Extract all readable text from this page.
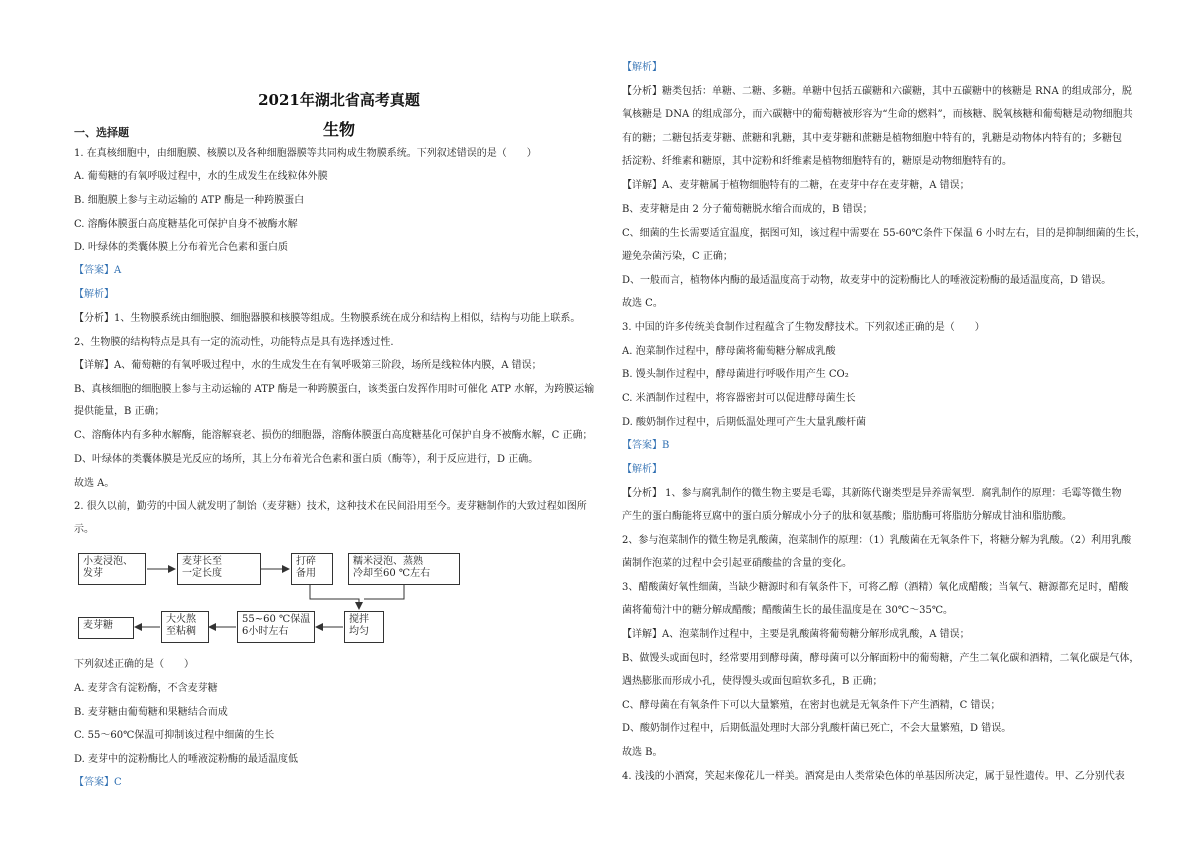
2021年湖北省高考真题
生物
一、选择题
1. 在真核细胞中，由细胞膜、核膜以及各种细胞器膜等共同构成生物膜系统。下列叙述错误的是（　　）
A. 葡萄糖的有氧呼吸过程中，水的生成发生在线粒体外膜
B. 细胞膜上参与主动运输的 ATP 酶是一种跨膜蛋白
C. 溶酶体膜蛋白高度糖基化可保护自身不被酶水解
D. 叶绿体的类囊体膜上分布着光合色素和蛋白质
【答案】A
【解析】
【分析】1、生物膜系统由细胞膜、细胞器膜和核膜等组成。生物膜系统在成分和结构上相似，结构与功能上联系。
2、生物膜的结构特点是具有一定的流动性，功能特点是具有选择透过性.
【详解】A、葡萄糖的有氧呼吸过程中，水的生成发生在有氧呼吸第三阶段，场所是线粒体内膜，A 错误；
B、真核细胞的细胞膜上参与主动运输的 ATP 酶是一种跨膜蛋白，该类蛋白发挥作用时可催化 ATP 水解，为跨膜运输
提供能量，B 正确；
C、溶酶体内有多种水解酶，能溶解衰老、损伤的细胞器，溶酶体膜蛋白高度糖基化可保护自身不被酶水解，C 正确；
D、叶绿体的类囊体膜是光反应的场所，其上分布着光合色素和蛋白质（酶等），利于反应进行，D 正确。
故选 A。
2. 很久以前，勤劳的中国人就发明了制饴（麦芽糖）技术，这种技术在民间沿用至今。麦芽糖制作的大致过程如图所
示。
小麦浸泡、
发芽
麦芽长至
一定长度
打碎
备用
糯米浸泡、蒸熟
冷却至60 ℃左右
搅拌
均匀
55~60 ℃保温
6小时左右
大火熬
至粘稠
麦芽糖
下列叙述正确的是（　　）
A. 麦芽含有淀粉酶，不含麦芽糖
B. 麦芽糖由葡萄糖和果糖结合而成
C. 55～60℃保温可抑制该过程中细菌的生长
D. 麦芽中的淀粉酶比人的唾液淀粉酶的最适温度低
【答案】C
【解析】
【分析】糖类包括：单糖、二糖、多糖。单糖中包括五碳糖和六碳糖，其中五碳糖中的核糖是 RNA 的组成部分，脱
氧核糖是 DNA 的组成部分，而六碳糖中的葡萄糖被形容为“生命的燃料”，而核糖、脱氧核糖和葡萄糖是动物细胞共
有的糖；二糖包括麦芽糖、蔗糖和乳糖，其中麦芽糖和蔗糖是植物细胞中特有的，乳糖是动物体内特有的；多糖包
括淀粉、纤维素和糖原，其中淀粉和纤维素是植物细胞特有的，糖原是动物细胞特有的。
【详解】A、麦芽糖属于植物细胞特有的二糖，在麦芽中存在麦芽糖，A 错误；
B、麦芽糖是由 2 分子葡萄糖脱水缩合而成的，B 错误；
C、细菌的生长需要适宜温度，据图可知，该过程中需要在 55-60℃条件下保温 6 小时左右，目的是抑制细菌的生长，
避免杂菌污染，C 正确；
D、一般而言，植物体内酶的最适温度高于动物，故麦芽中的淀粉酶比人的唾液淀粉酶的最适温度高，D 错误。
故选 C。
3. 中国的许多传统美食制作过程蕴含了生物发酵技术。下列叙述正确的是（　　）
A. 泡菜制作过程中，酵母菌将葡萄糖分解成乳酸
B. 馒头制作过程中，酵母菌进行呼吸作用产生 CO₂
C. 米酒制作过程中，将容器密封可以促进酵母菌生长
D. 酸奶制作过程中，后期低温处理可产生大量乳酸杆菌
【答案】B
【解析】
【分析】 1、参与腐乳制作的微生物主要是毛霉，其新陈代谢类型是异养需氧型．腐乳制作的原理：毛霉等微生物
产生的蛋白酶能将豆腐中的蛋白质分解成小分子的肽和氨基酸；脂肪酶可将脂肪分解成甘油和脂肪酸。
2、参与泡菜制作的微生物是乳酸菌，泡菜制作的原理：（1）乳酸菌在无氧条件下，将糖分解为乳酸。（2）利用乳酸
菌制作泡菜的过程中会引起亚硝酸盐的含量的变化。
3、醋酸菌好氧性细菌，当缺少糖源时和有氧条件下，可将乙醇（酒精）氧化成醋酸；当氧气、糖源都充足时，醋酸
菌将葡萄汁中的糖分解成醋酸；醋酸菌生长的最佳温度是在 30℃～35℃。
【详解】A、泡菜制作过程中，主要是乳酸菌将葡萄糖分解形成乳酸，A 错误；
B、做馒头或面包时，经常要用到酵母菌，酵母菌可以分解面粉中的葡萄糖，产生二氧化碳和酒精，二氧化碳是气体，
遇热膨胀而形成小孔，使得馒头或面包暄软多孔，B 正确；
C、酵母菌在有氧条件下可以大量繁殖，在密封也就是无氧条件下产生酒精，C 错误；
D、酸奶制作过程中，后期低温处理时大部分乳酸杆菌已死亡，不会大量繁殖，D 错误。
故选 B。
4. 浅浅的小酒窝，笑起来像花儿一样美。酒窝是由人类常染色体的单基因所决定，属于显性遗传。甲、乙分别代表
